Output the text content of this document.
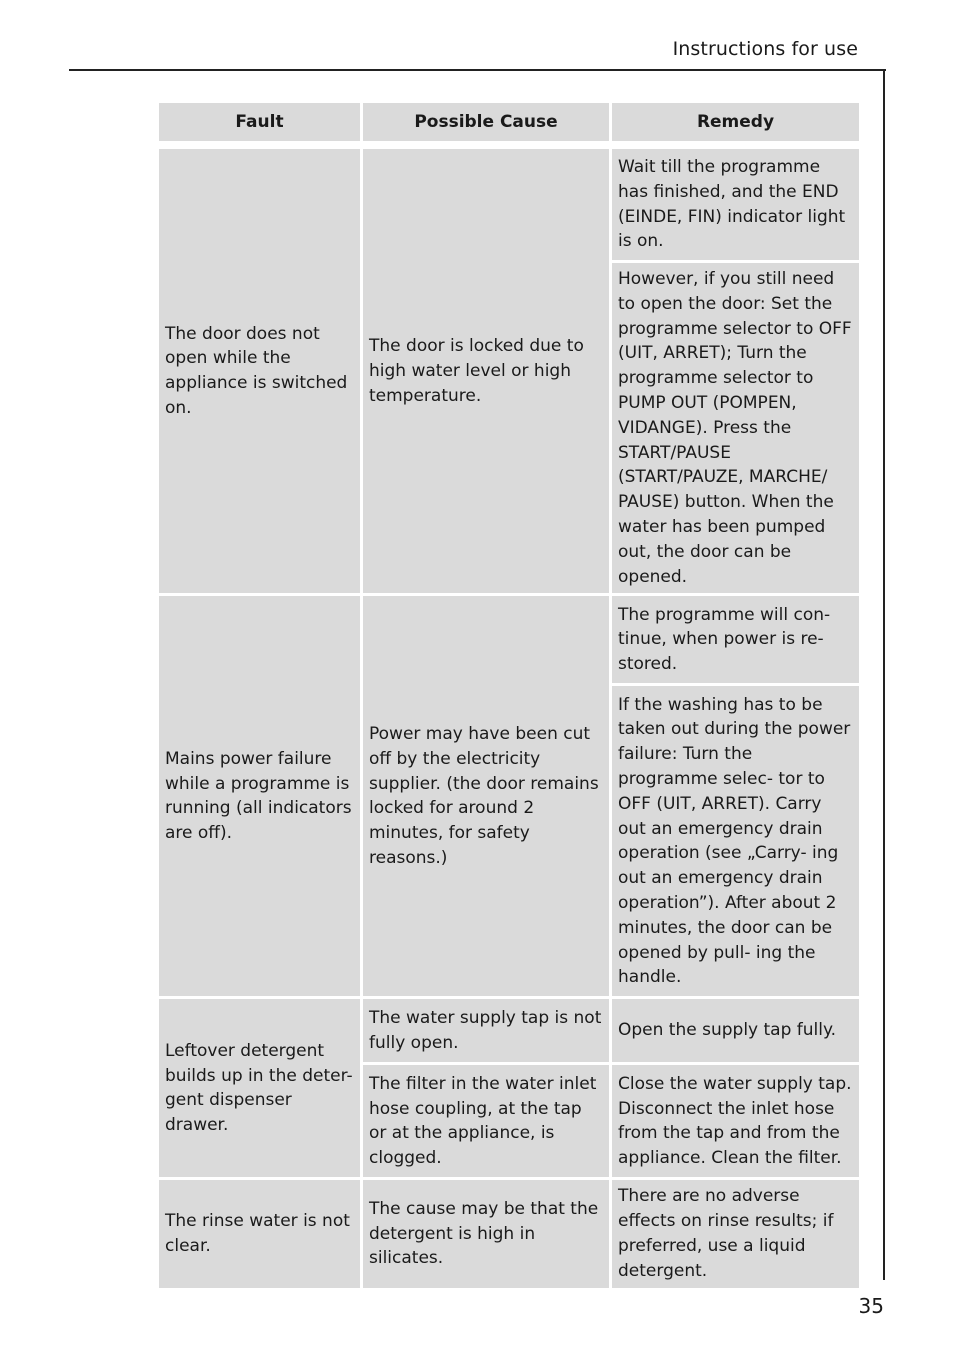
Instructions for use
Fault	Possible Cause	Remedy

The door does not open while the appliance is switched on.	The door is locked due to high water level or high temperature.	Wait till the programme has finished, and the END (EINDE, FIN) indicator light is on.
		However, if you still need to open the door: Set the programme selector to OFF (UIT, ARRET); Turn the programme selector to PUMP OUT (POMPEN, VIDANGE). Press the START/PAUSE (START/PAUZE, MARCHE/ PAUSE) button. When the water has been pumped out, the door can be opened.
Mains power failure while a programme is running (all indicators are off).	Power may have been cut off by the electricity supplier. (the door remains locked for around 2 minutes, for safety reasons.)	The programme will con- tinue, when power is re- stored.
		If the washing has to be taken out during the power failure: Turn the programme selec- tor to OFF (UIT, ARRET). Carry out an emergency drain operation (see „Carry- ing out an emergency drain operation”). After about 2 minutes, the door can be opened by pull- ing the handle.
Leftover detergent builds up in the deter- gent dispenser drawer.	The water supply tap is not fully open.	Open the supply tap fully.
	The filter in the water inlet hose coupling, at the tap or at the appliance, is clogged.	Close the water supply tap. Disconnect the inlet hose from the tap and from the appliance. Clean the filter.
The rinse water is not clear.	The cause may be that the detergent is high in silicates.	There are no adverse effects on rinse results; if preferred, use a liquid detergent.
35
